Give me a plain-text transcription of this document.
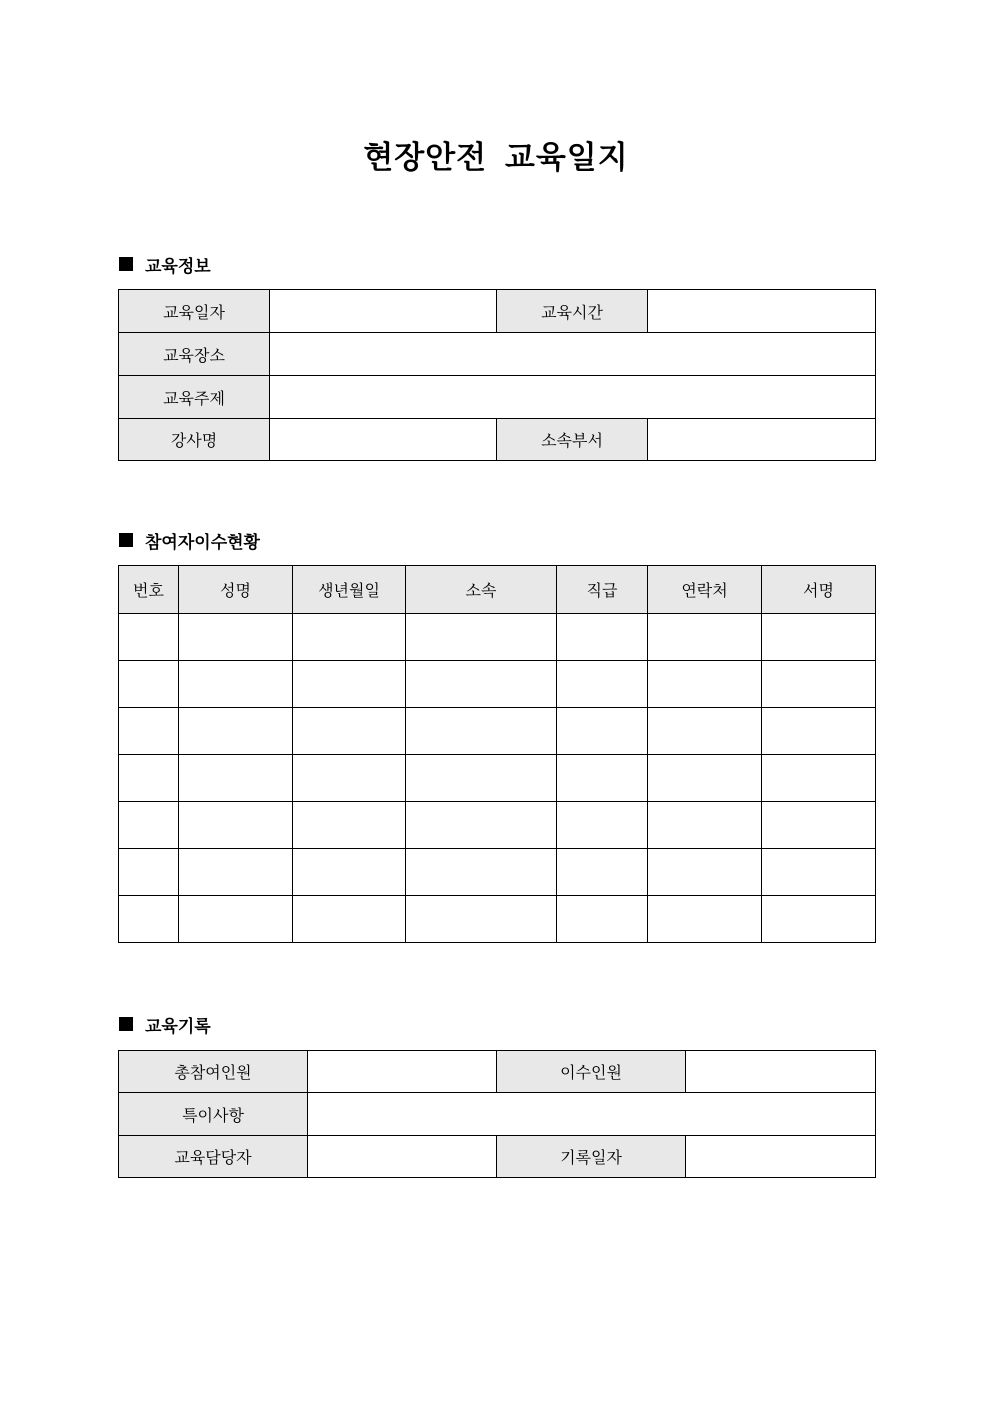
현장안전 교육일지
교육정보
교육일자		교육시간	
교육장소			
교육주제			
강사명		소속부서	
참여자이수현황
번호	성명	생년월일	소속	직급	연락처	서명

교육기록
총참여인원		이수인원	
특이사항			
교육담당자		기록일자	
